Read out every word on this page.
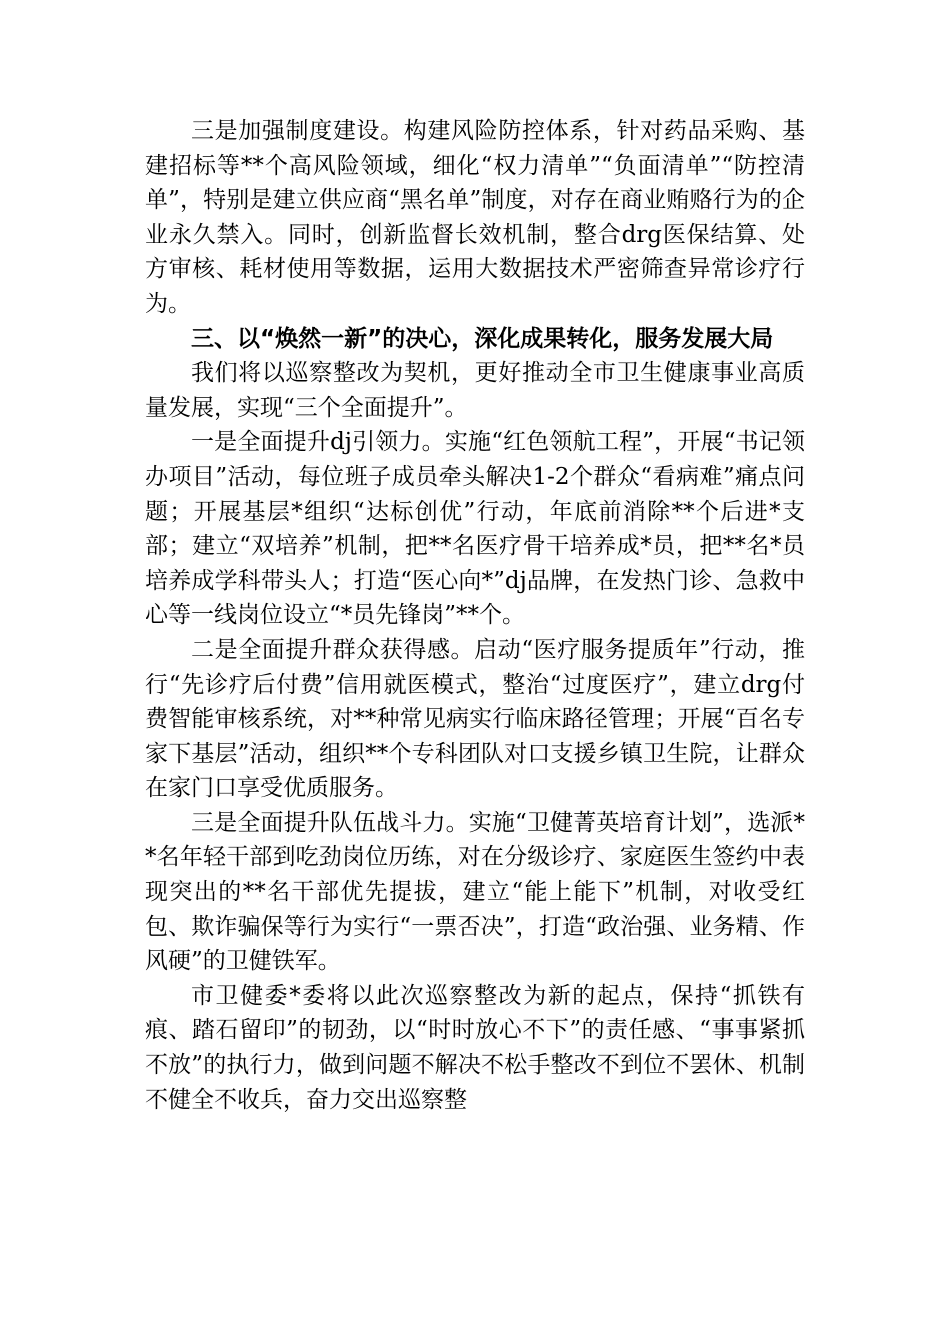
三是加强制度建设。构建风险防控体系，针对药品采购、基建招标等**个高风险领域，细化“权力清单”“负面清单”“防控清单”，特别是建立供应商“黑名单”制度，对存在商业贿赂行为的企业永久禁入。同时，创新监督长效机制，整合drg医保结算、处方审核、耗材使用等数据，运用大数据技术严密筛查异常诊疗行为。

三、以“焕然一新”的决心，深化成果转化，服务发展大局

我们将以巡察整改为契机，更好推动全市卫生健康事业高质量发展，实现“三个全面提升”。

一是全面提升dj引领力。实施“红色领航工程”，开展“书记领办项目”活动，每位班子成员牵头解决1-2个群众“看病难”痛点问题；开展基层*组织“达标创优”行动，年底前消除**个后进*支部；建立“双培养”机制，把**名医疗骨干培养成*员，把**名*员培养成学科带头人；打造“医心向*”dj品牌，在发热门诊、急救中心等一线岗位设立“*员先锋岗”**个。

二是全面提升群众获得感。启动“医疗服务提质年”行动，推行“先诊疗后付费”信用就医模式，整治“过度医疗”，建立drg付费智能审核系统，对**种常见病实行临床路径管理；开展“百名专家下基层”活动，组织**个专科团队对口支援乡镇卫生院，让群众在家门口享受优质服务。

三是全面提升队伍战斗力。实施“卫健菁英培育计划”，选派**名年轻干部到吃劲岗位历练，对在分级诊疗、家庭医生签约中表现突出的**名干部优先提拔，建立“能上能下”机制，对收受红包、欺诈骗保等行为实行“一票否决”，打造“政治强、业务精、作风硬”的卫健铁军。

市卫健委*委将以此次巡察整改为新的起点，保持“抓铁有痕、踏石留印”的韧劲，以“时时放心不下”的责任感、“事事紧抓不放”的执行力，做到问题不解决不松手整改不到位不罢休、机制不健全不收兵，奋力交出巡察整
